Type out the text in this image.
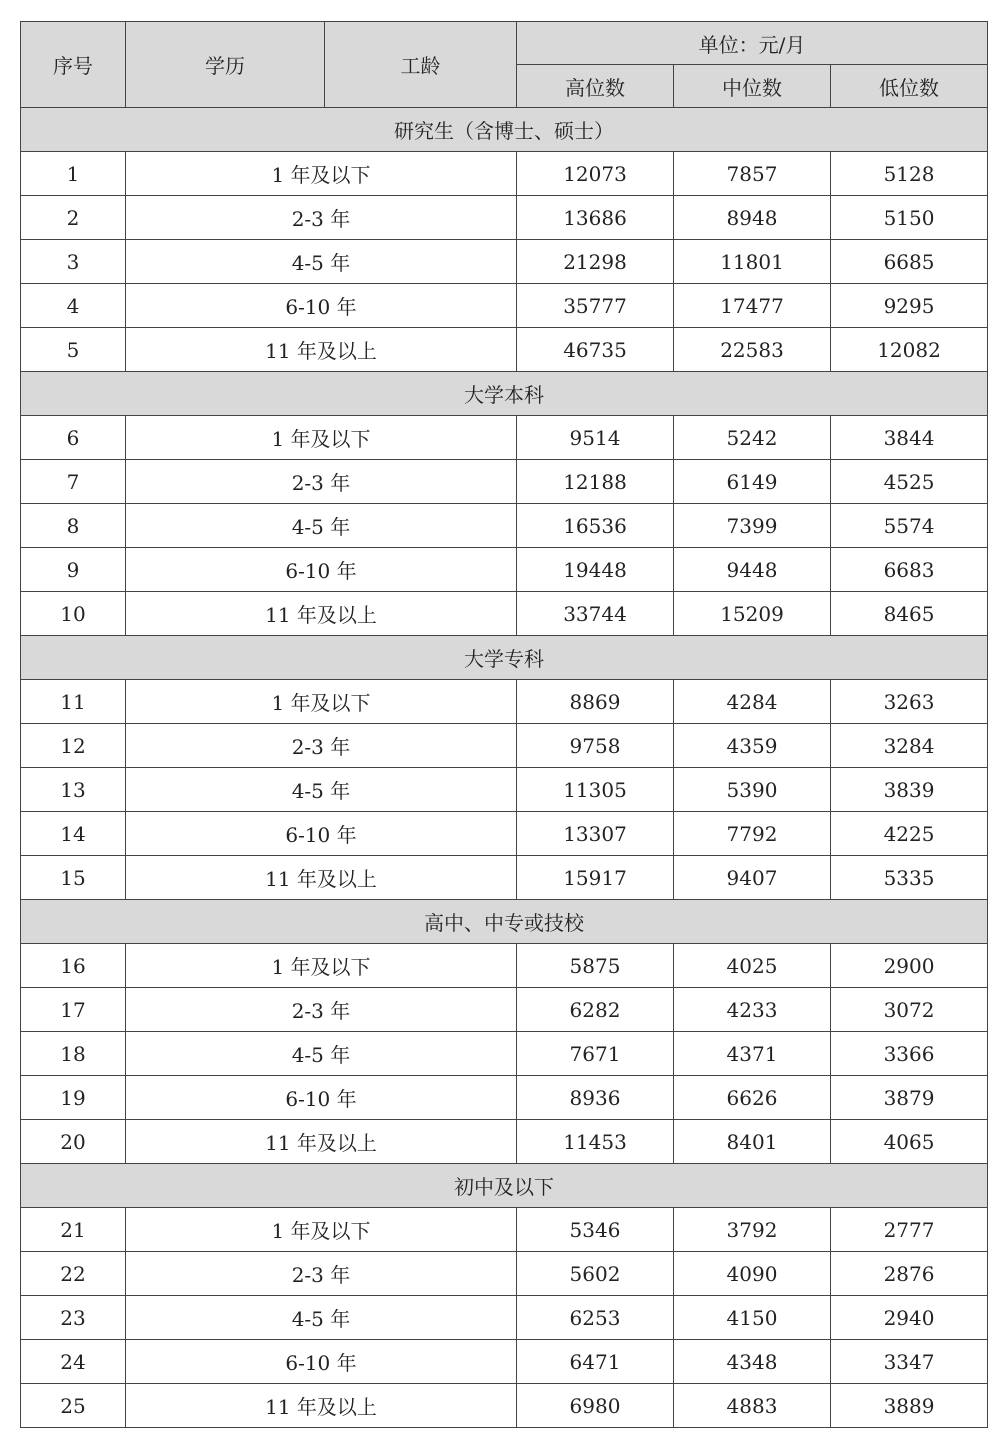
序号	学历	工龄	单位：元/月		
			高位数	中位数	低位数
研究生（含博士、硕士）					
1	1 年及以下		12073	7857	5128
2	2-3 年		13686	8948	5150
3	4-5 年		21298	11801	6685
4	6-10 年		35777	17477	9295
5	11 年及以上		46735	22583	12082
大学本科					
6	1 年及以下		9514	5242	3844
7	2-3 年		12188	6149	4525
8	4-5 年		16536	7399	5574
9	6-10 年		19448	9448	6683
10	11 年及以上		33744	15209	8465
大学专科					
11	1 年及以下		8869	4284	3263
12	2-3 年		9758	4359	3284
13	4-5 年		11305	5390	3839
14	6-10 年		13307	7792	4225
15	11 年及以上		15917	9407	5335
高中、中专或技校					
16	1 年及以下		5875	4025	2900
17	2-3 年		6282	4233	3072
18	4-5 年		7671	4371	3366
19	6-10 年		8936	6626	3879
20	11 年及以上		11453	8401	4065
初中及以下					
21	1 年及以下		5346	3792	2777
22	2-3 年		5602	4090	2876
23	4-5 年		6253	4150	2940
24	6-10 年		6471	4348	3347
25	11 年及以上		6980	4883	3889
